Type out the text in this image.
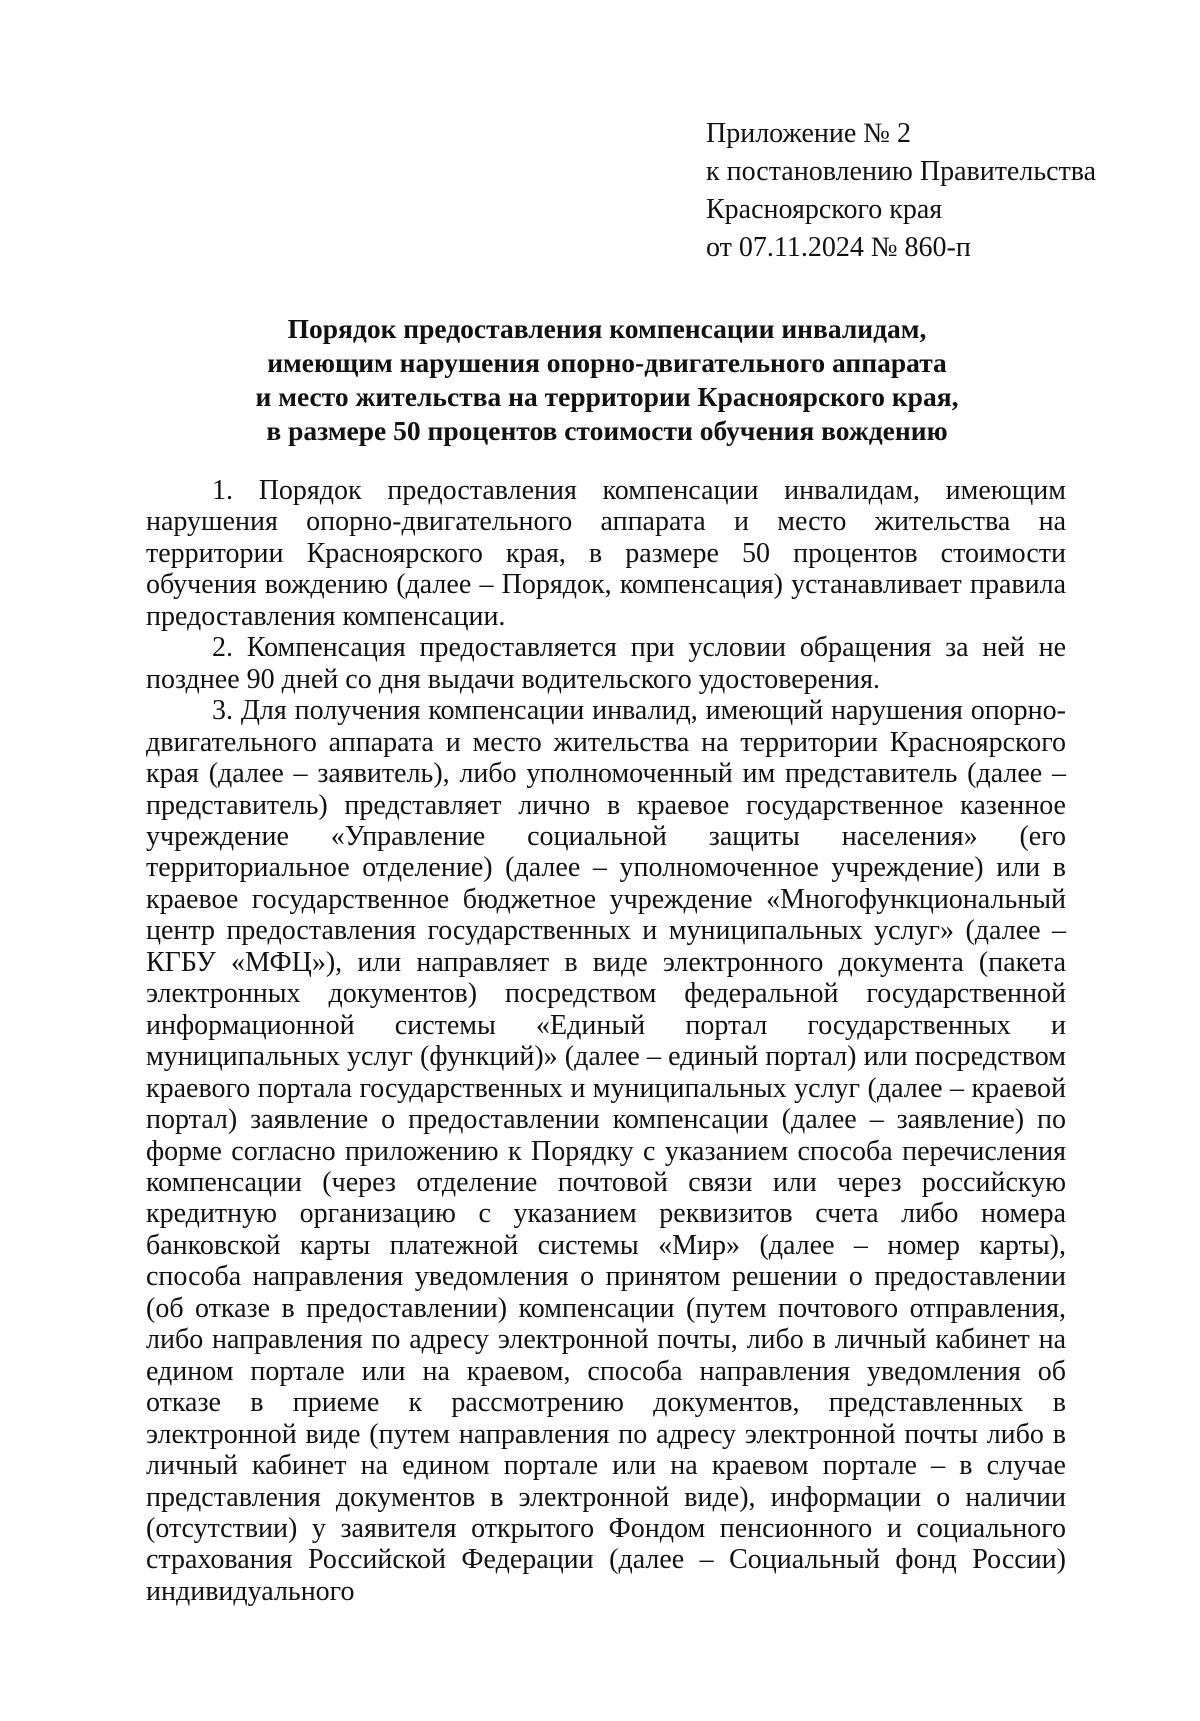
Приложение № 2
к постановлению Правительства
Красноярского края
от 07.11.2024 № 860-п
Порядок предоставления компенсации инвалидам,
имеющим нарушения опорно-двигательного аппарата
и место жительства на территории Красноярского края,
в размере 50 процентов стоимости обучения вождению

1. Порядок предоставления компенсации инвалидам, имеющим нарушения опорно-двигательного аппарата и место жительства на территории Красноярского края, в размере 50 процентов стоимости обучения вождению (далее – Порядок, компенсация) устанавливает правила предоставления компенсации.

2. Компенсация предоставляется при условии обращения за ней не позднее 90 дней со дня выдачи водительского удостоверения.

3. Для получения компенсации инвалид, имеющий нарушения опорно-двигательного аппарата и место жительства на территории Красноярского края (далее – заявитель), либо уполномоченный им представитель (далее – представитель) представляет лично в краевое государственное казенное учреждение «Управление социальной защиты населения» (его территориальное отделение) (далее – уполномоченное учреждение) или в краевое государственное бюджетное учреждение «Многофункциональный центр предоставления государственных и муниципальных услуг» (далее – КГБУ «МФЦ»), или направляет в виде электронного документа (пакета электронных документов) посредством федеральной государственной информационной системы «Единый портал государственных и муниципальных услуг (функций)» (далее – единый портал) или посредством краевого портала государственных и муниципальных услуг (далее – краевой портал) заявление о предоставлении компенсации (далее – заявление) по форме согласно приложению к Порядку с указанием способа перечисления компенсации (через отделение почтовой связи или через российскую кредитную организацию с указанием реквизитов счета либо номера банковской карты платежной системы «Мир» (далее – номер карты), способа направления уведомления о принятом решении о предоставлении (об отказе в предоставлении) компенсации (путем почтового отправления, либо направления по адресу электронной почты, либо в личный кабинет на едином портале или на краевом, способа направления уведомления об отказе в приеме к рассмотрению документов, представленных в электронной виде (путем направления по адресу электронной почты либо в личный кабинет на едином портале или на краевом портале – в случае представления документов в электронной виде), информации о наличии (отсутствии) у заявителя открытого Фондом пенсионного и социального страхования Российской Федерации (далее – Социальный фонд России) индивидуального
